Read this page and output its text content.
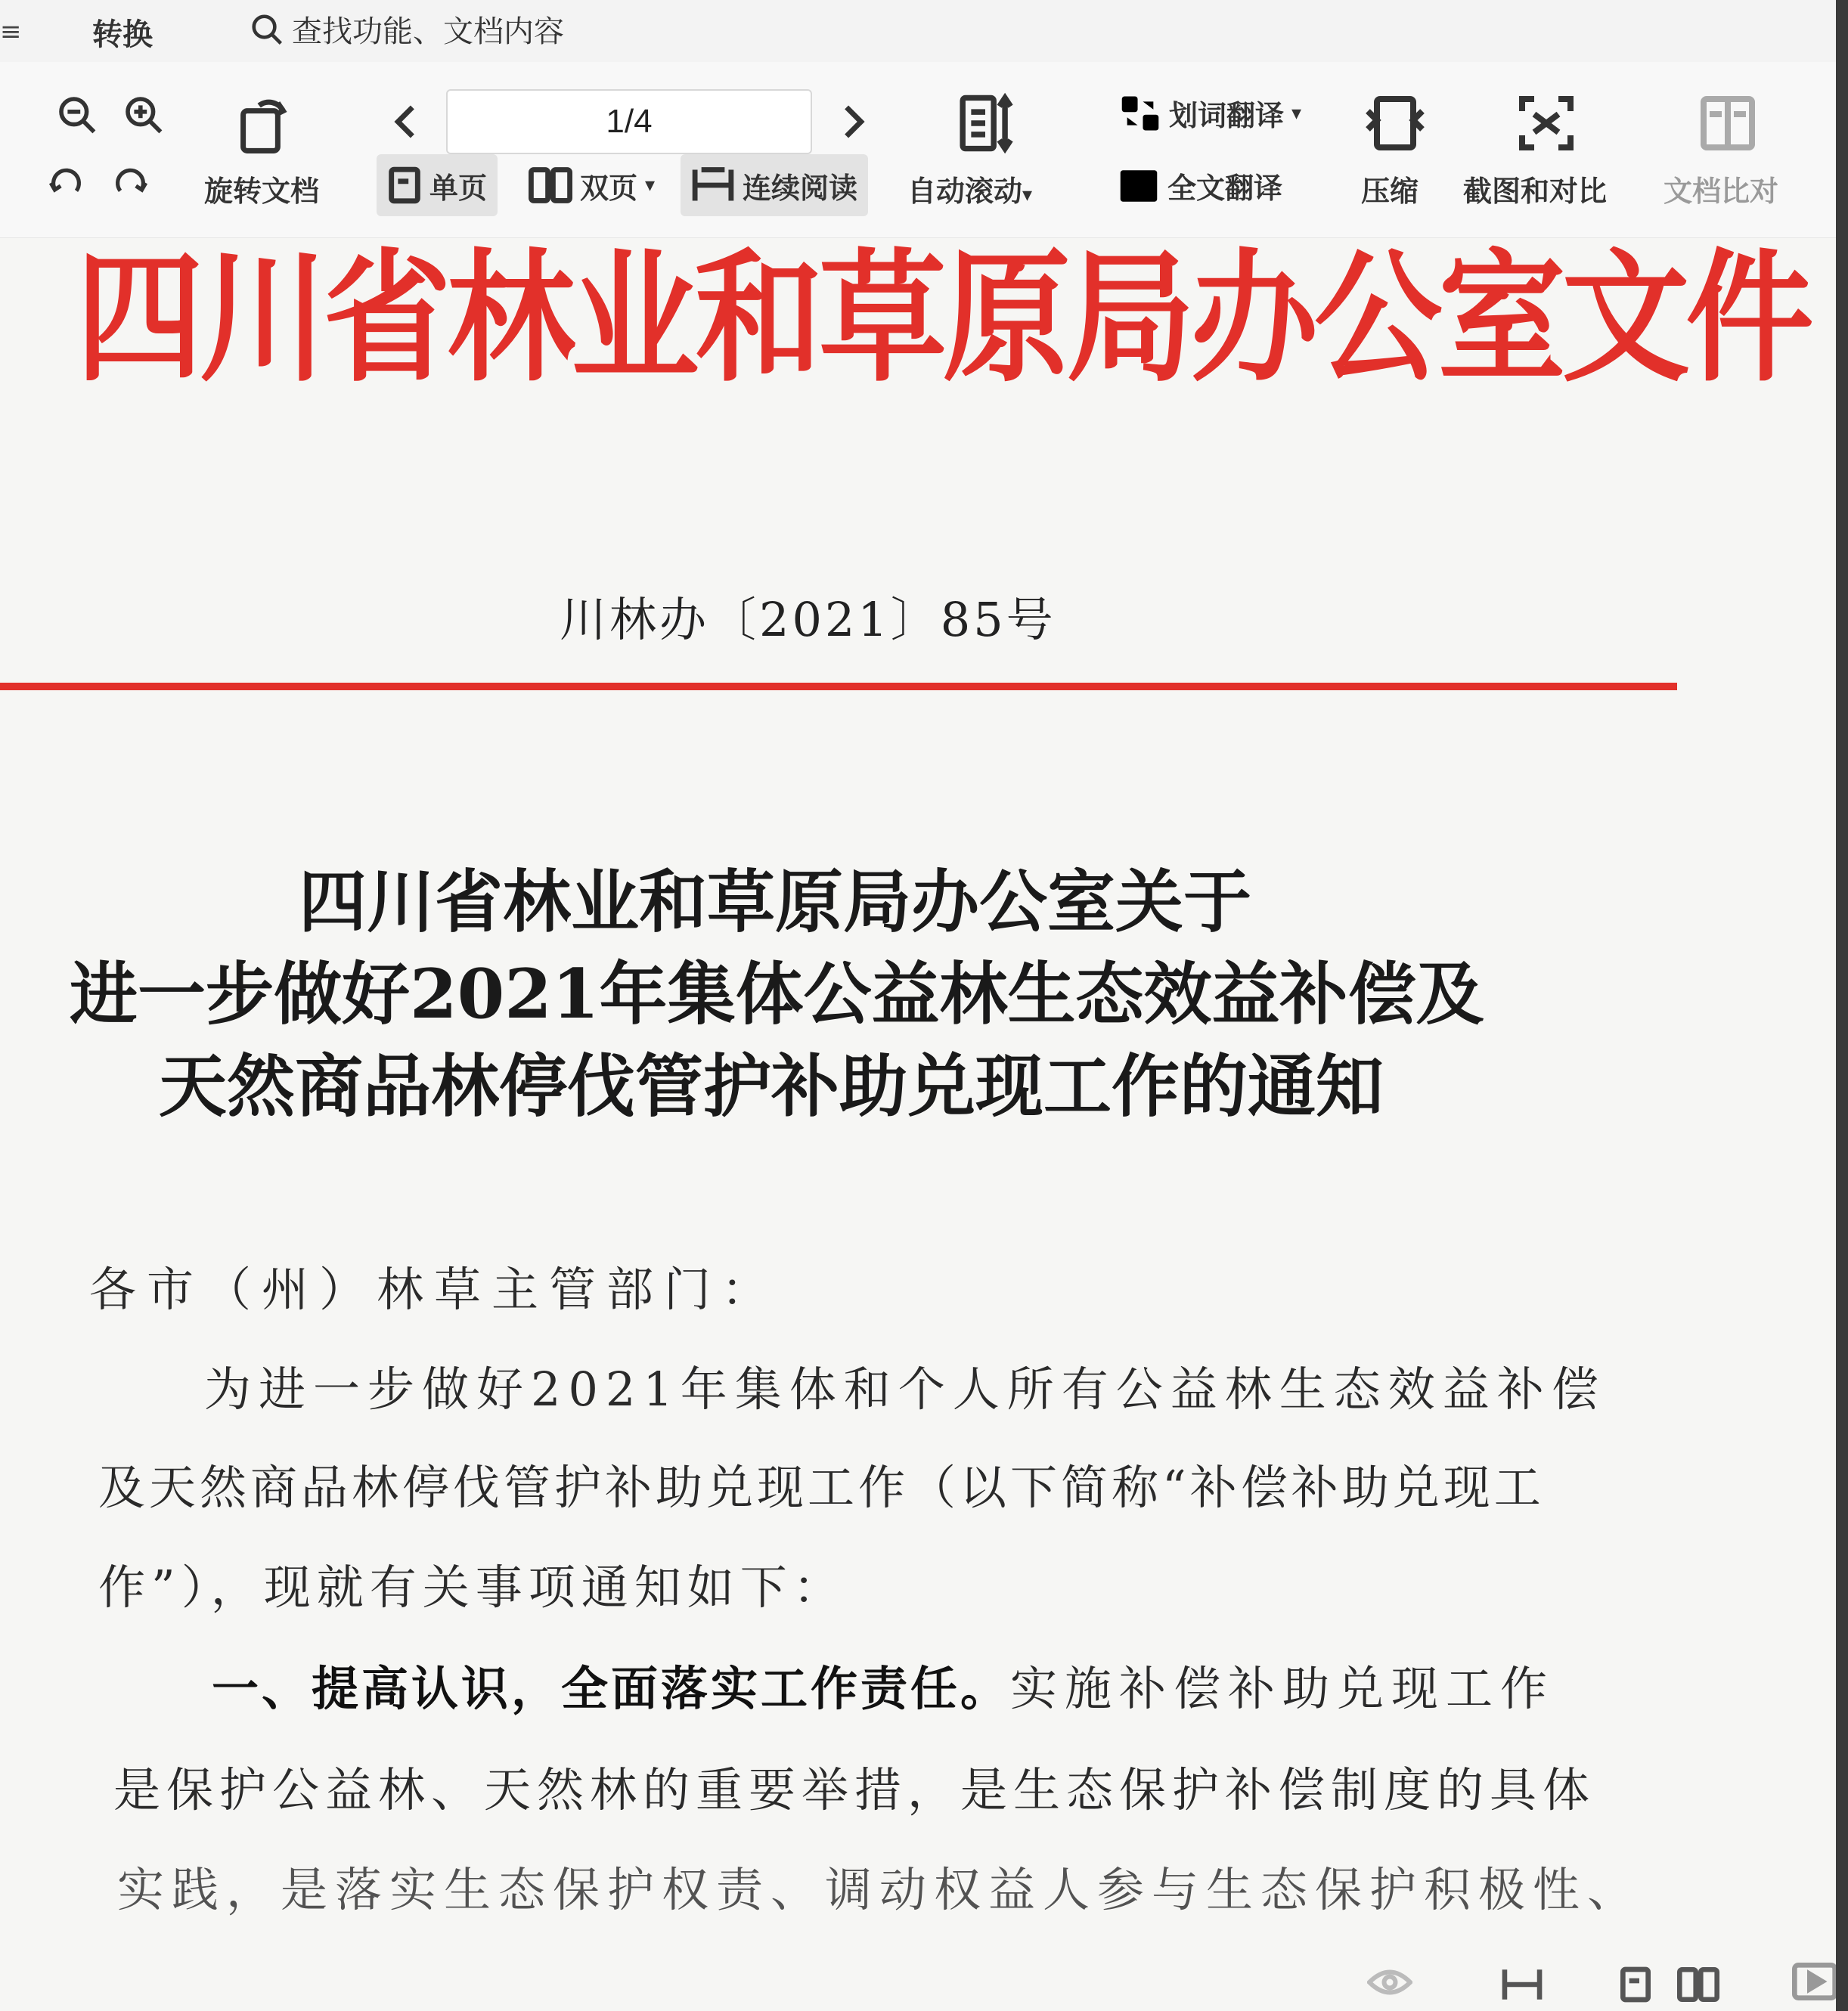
≡ 转换	查找功能、文档内容
旋转文档
1/4
单页	双页 ▾	连续阅读 自动滚动▾
划词翻译 ▾
全文翻译	压缩 截图和对比 文档比对
四川省林业和草原局办公室文件
川林办〔2021〕85号
四川省林业和草原局办公室关于
进一步做好2021年集体公益林生态效益补偿及
天然商品林停伐管护补助兑现工作的通知
各市（州）林草主管部门：
为进一步做好2021年集体和个人所有公益林生态效益补偿
及天然商品林停伐管护补助兑现工作（以下简称“补偿补助兑现工
作”），现就有关事项通知如下：
一、提高认识，全面落实工作责任。实施补偿补助兑现工作
是保护公益林、天然林的重要举措，是生态保护补偿制度的具体
实践，是落实生态保护权责、调动权益人参与生态保护积极性、
